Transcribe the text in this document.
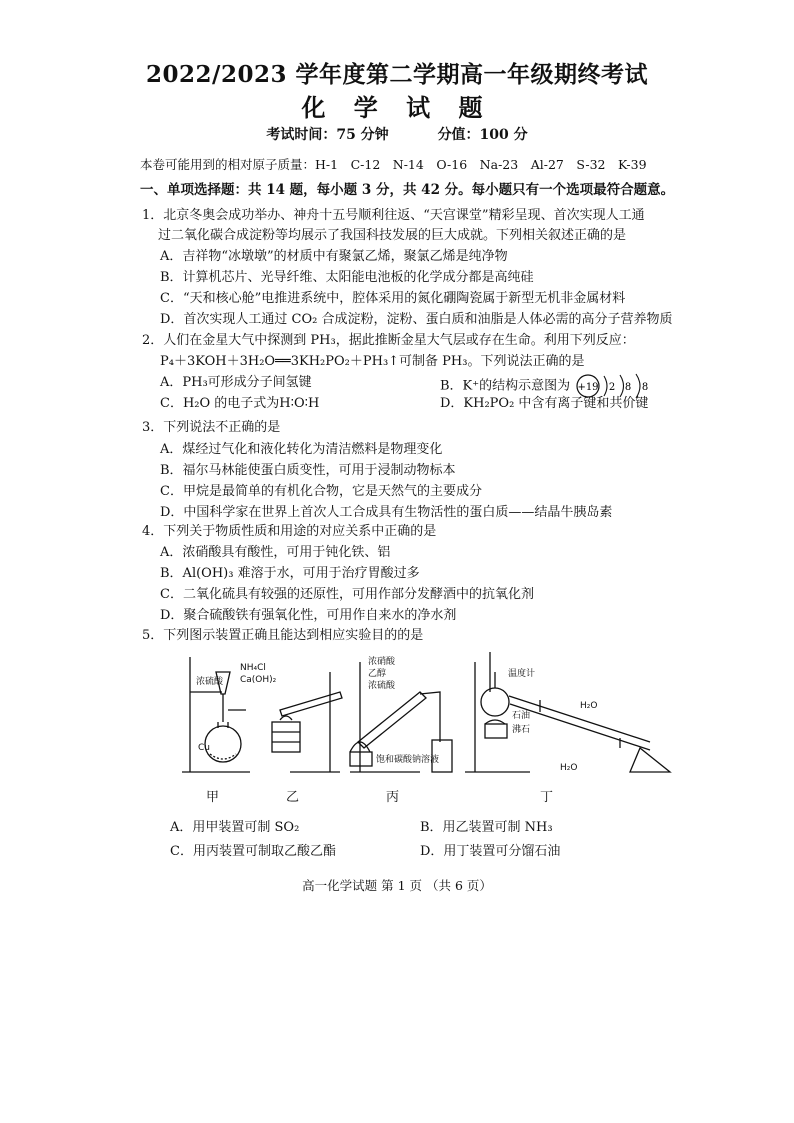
2022/2023 学年度第二学期高一年级期终考试
化 学 试 题
考试时间：75 分钟	分值：100 分
本卷可能用到的相对原子质量：H-1　C-12　N-14　O-16　Na-23　Al-27　S-32　K-39
一、单项选择题：共 14 题，每小题 3 分，共 42 分。每小题只有一个选项最符合题意。
1．北京冬奥会成功举办、神舟十五号顺利往返、“天宫课堂”精彩呈现、首次实现人工通
过二氧化碳合成淀粉等均展示了我国科技发展的巨大成就。下列相关叙述正确的是
A．吉祥物“冰墩墩”的材质中有聚氯乙烯，聚氯乙烯是纯净物
B．计算机芯片、光导纤维、太阳能电池板的化学成分都是高纯硅
C．“天和核心舱”电推进系统中，腔体采用的氮化硼陶瓷属于新型无机非金属材料
D．首次实现人工通过 CO₂ 合成淀粉，淀粉、蛋白质和油脂是人体必需的高分子营养物质
2．人们在金星大气中探测到 PH₃，据此推断金星大气层或存在生命。利用下列反应：
P₄＋3KOH＋3H₂O══3KH₂PO₂＋PH₃↑可制备 PH₃。下列说法正确的是
A．PH₃可形成分子间氢键	B．K⁺的结构示意图为 +19 2 8 8
C．H₂O 的电子式为H∶O∶H	D．KH₂PO₂ 中含有离子键和共价键
3．下列说法不正确的是
A．煤经过气化和液化转化为清洁燃料是物理变化
B．福尔马林能使蛋白质变性，可用于浸制动物标本
C．甲烷是最简单的有机化合物，它是天然气的主要成分
D．中国科学家在世界上首次人工合成具有生物活性的蛋白质——结晶牛胰岛素
4．下列关于物质性质和用途的对应关系中正确的是
A．浓硝酸具有酸性，可用于钝化铁、铝
B．Al(OH)₃ 难溶于水，可用于治疗胃酸过多
C．二氧化硫具有较强的还原性，可用作部分发酵酒中的抗氧化剂
D．聚合硫酸铁有强氧化性，可用作自来水的净水剂
5．下列图示装置正确且能达到相应实验目的的是
浓硫酸
Cu
NH₄Cl
Ca(OH)₂
浓硝酸
乙醇
浓硫酸
饱和碳酸钠溶液
温度计
石油
沸石
H₂O
H₂O
甲	乙	丙	丁
A．用甲装置可制 SO₂	B．用乙装置可制 NH₃
C．用丙装置可制取乙酸乙酯	D．用丁装置可分馏石油
高一化学试题 第 1 页 （共 6 页）
